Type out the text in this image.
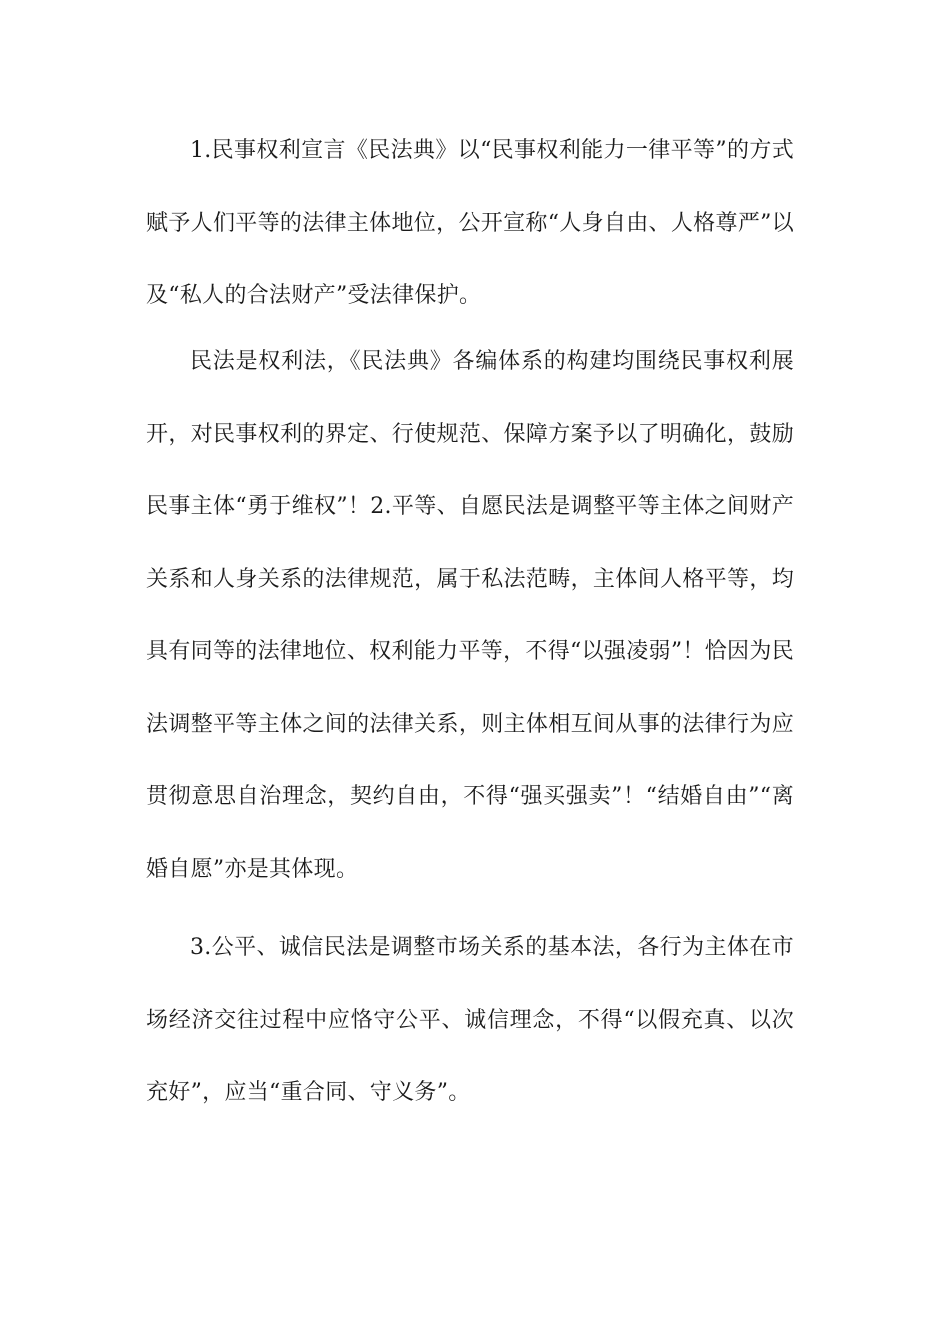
1.民事权利宣言《民法典》以“民事权利能力一律平等”的方式赋予人们平等的法律主体地位，公开宣称“人身自由、人格尊严”以及“私人的合法财产”受法律保护。

民法是权利法，《民法典》各编体系的构建均围绕民事权利展开，对民事权利的界定、行使规范、保障方案予以了明确化，鼓励民事主体“勇于维权”！2.平等、自愿民法是调整平等主体之间财产关系和人身关系的法律规范，属于私法范畴，主体间人格平等，均具有同等的法律地位、权利能力平等，不得“以强凌弱”！恰因为民法调整平等主体之间的法律关系，则主体相互间从事的法律行为应贯彻意思自治理念，契约自由，不得“强买强卖”！“结婚自由”“离婚自愿”亦是其体现。

3.公平、诚信民法是调整市场关系的基本法，各行为主体在市场经济交往过程中应恪守公平、诚信理念，不得“以假充真、以次充好”，应当“重合同、守义务”。
